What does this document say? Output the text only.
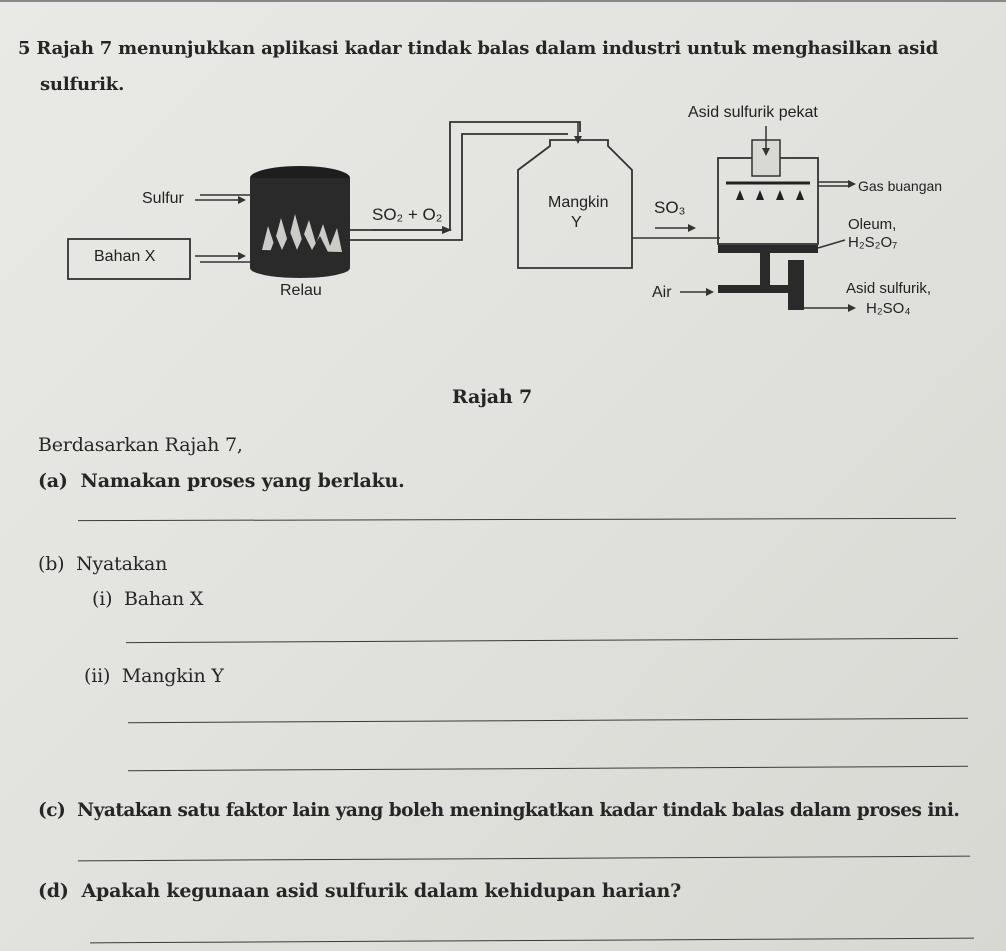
5 Rajah 7 menunjukkan aplikasi kadar tindak balas dalam industri untuk menghasilkan asid
sulfurik.
Sulfur
Bahan X
Relau
SO₂ + O₂
Mangkin
Y
SO₃
Asid sulfurik pekat
Gas buangan
Oleum,
H₂S₂O₇
Air	Asid sulfurik,
H₂SO₄
Rajah 7
Berdasarkan Rajah 7,
(a) Namakan proses yang berlaku.
(b) Nyatakan
(i) Bahan X
(ii) Mangkin Y
(c) Nyatakan satu faktor lain yang boleh meningkatkan kadar tindak balas dalam proses ini.
(d) Apakah kegunaan asid sulfurik dalam kehidupan harian?
